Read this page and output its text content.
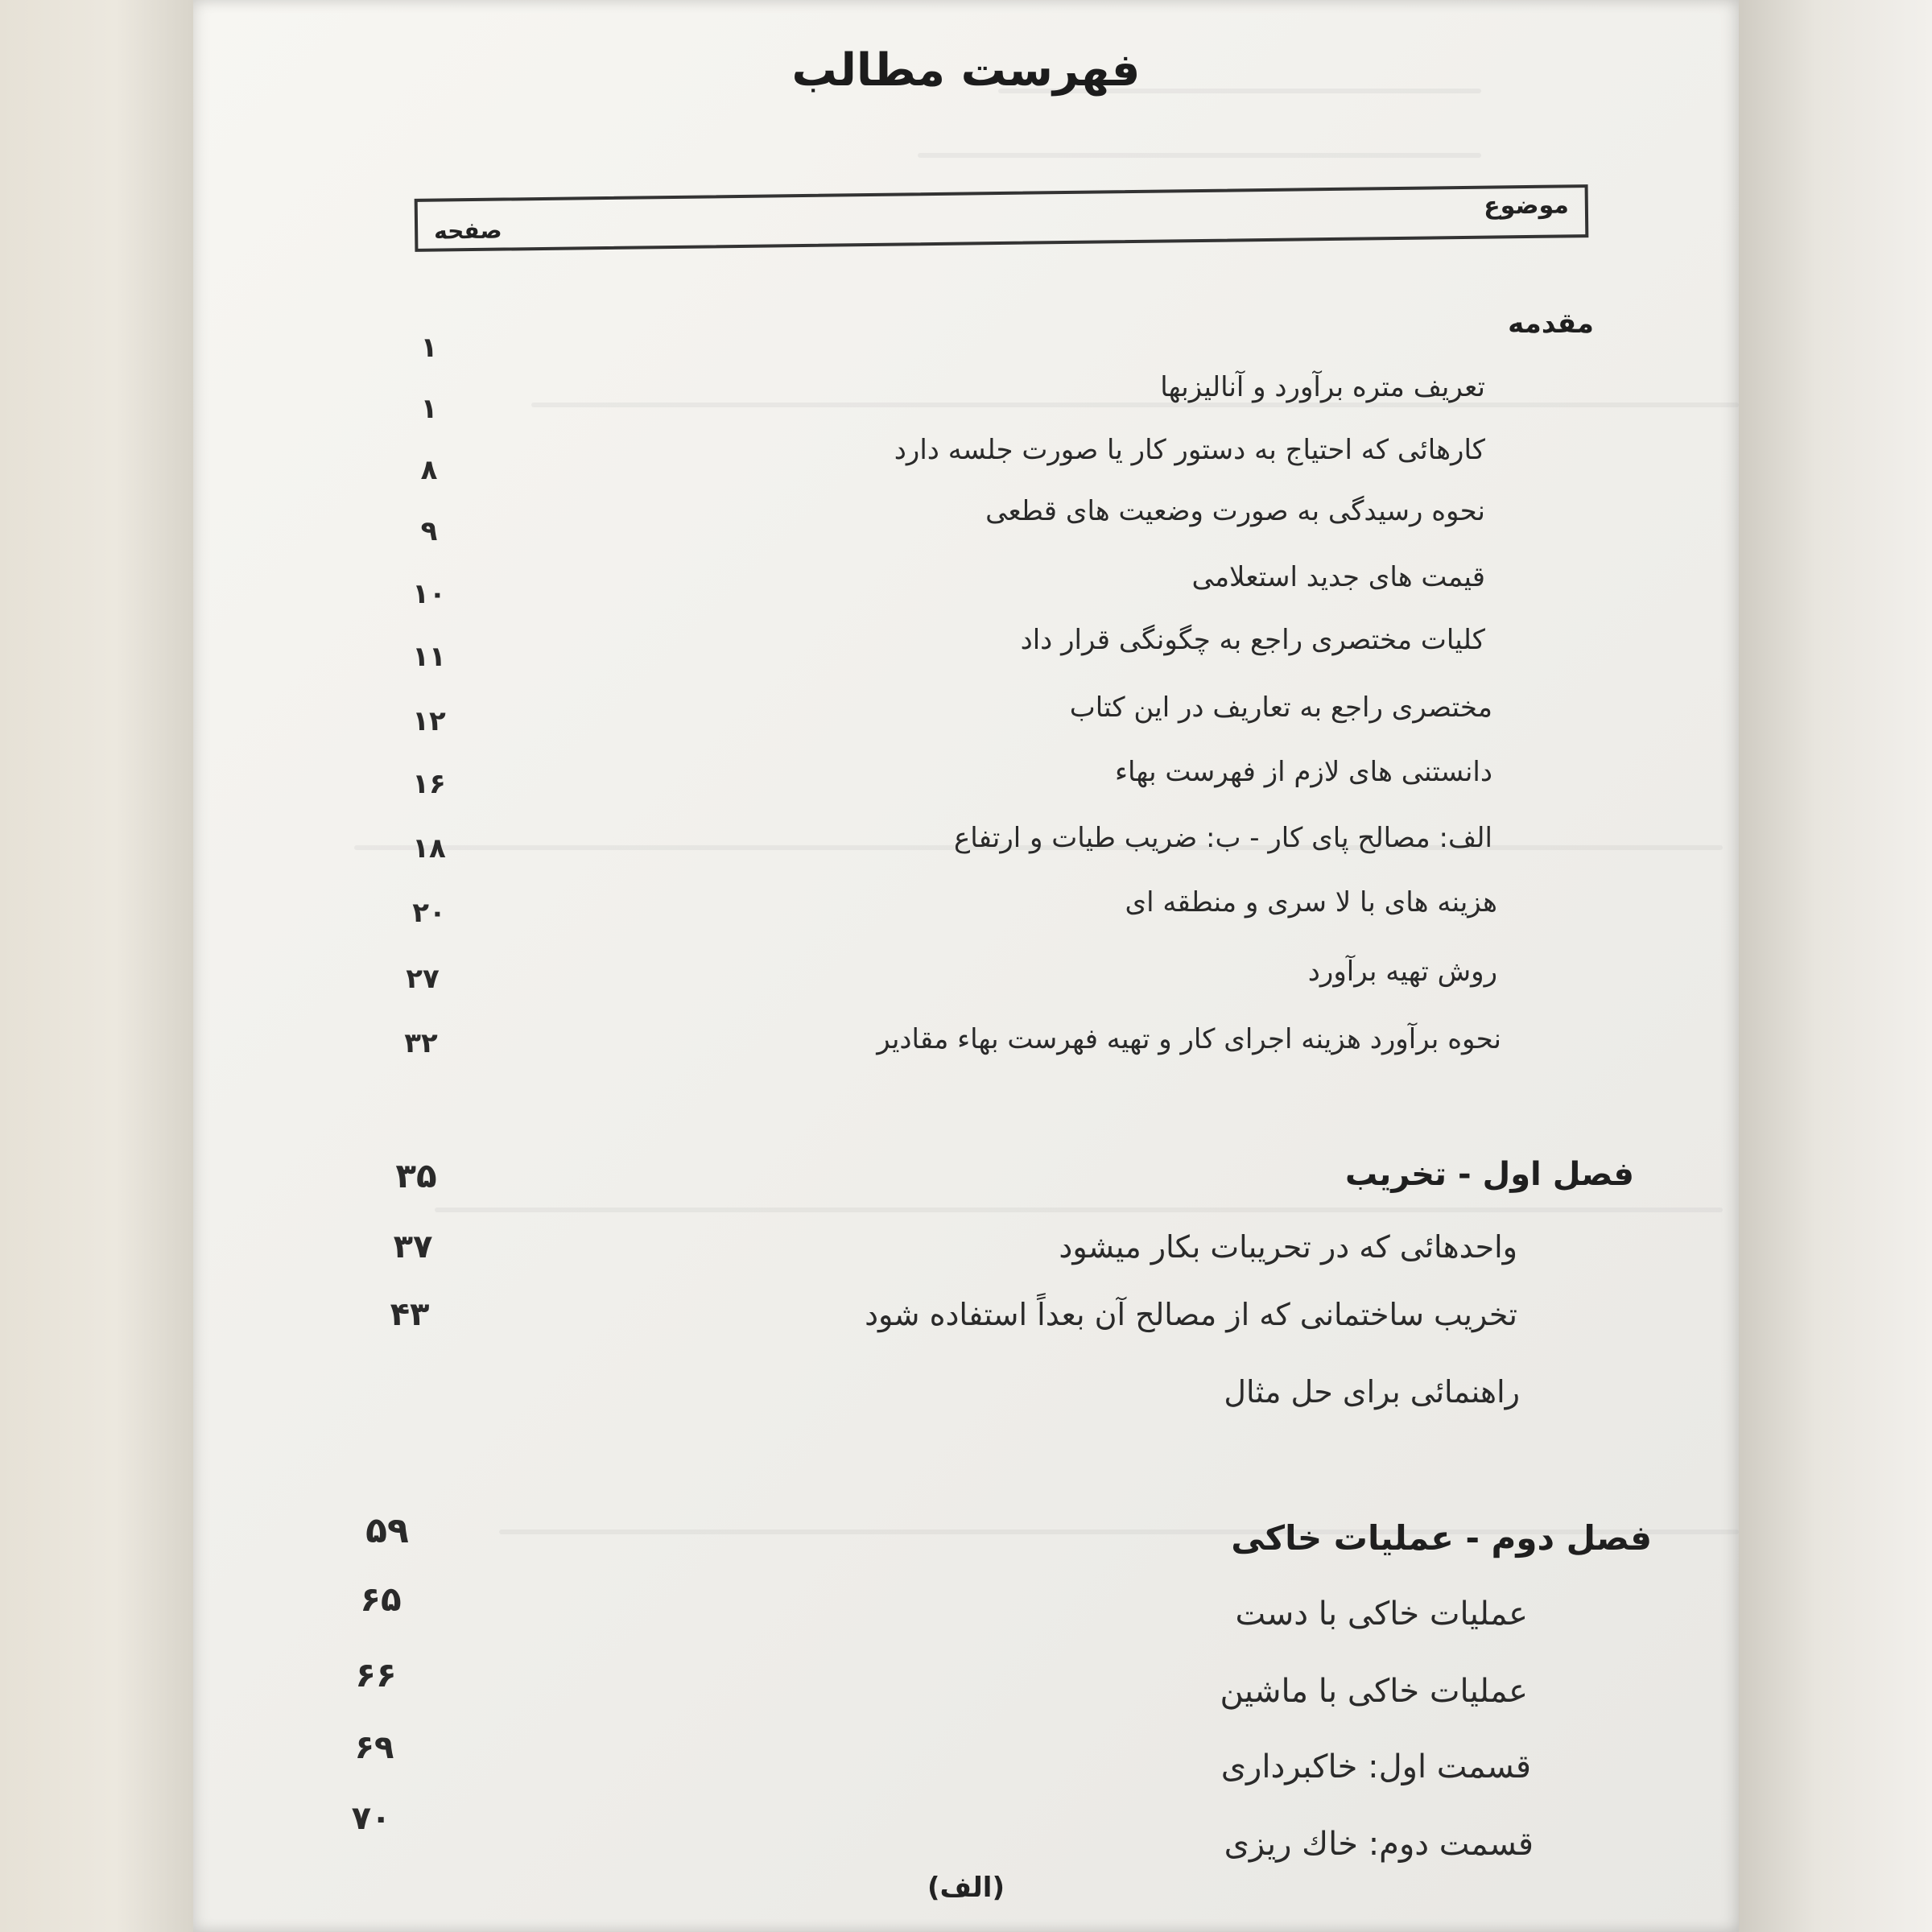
فهرست مطالب
موضوع
صفحه
مقدمه
۱
تعریف متره برآورد و آنالیزبها
۱
کارهائی که احتیاج به دستور کار یا صورت جلسه دارد
۸
نحوه رسیدگی به صورت وضعیت های قطعی
۹
قیمت های جدید استعلامی
۱۰
کلیات مختصری راجع به چگونگی قرار داد
۱۱
مختصری راجع به تعاریف در این کتاب
۱۲
دانستنی های لازم از فهرست بهاء
۱۶
الف: مصالح پای کار - ب: ضریب طیات و ارتفاع
۱۸
هزینه های با لا سری و منطقه ای
۲۰
روش تهیه برآورد
۲۷
نحوه برآورد هزینه اجرای کار و تهیه فهرست بهاء مقادیر
۳۲
فصل اول - تخریب
۳۵
واحدهائی که در تحریبات بکار میشود
۳۷
تخریب ساختمانی که از مصالح آن بعداً استفاده شود
۴۳
راهنمائی برای حل مثال
فصل دوم - عملیات خاکی
۵۹
عملیات خاکی با دست
۶۵
عملیات خاکی با ماشین
۶۶
قسمت اول: خاکبرداری
۶۹
قسمت دوم: خاك ریزی
۷۰
(الف)
